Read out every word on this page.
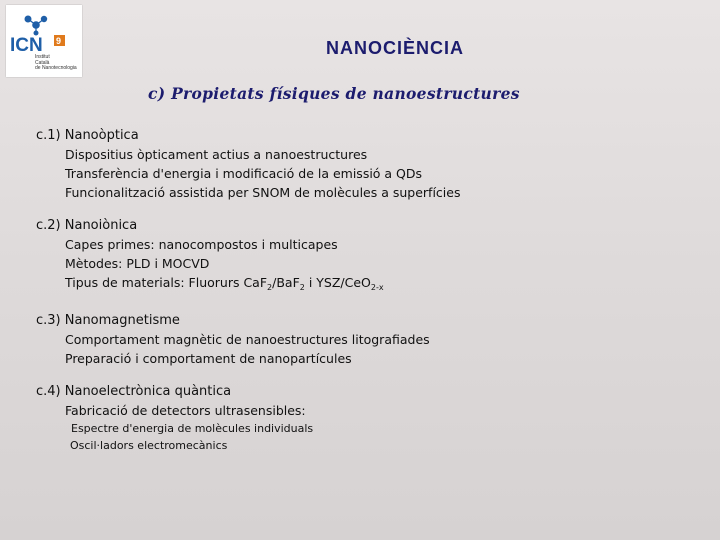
ICN 9
Institut
Català
de Nanotecnologia
NANOCIÈNCIA
c) Propietats físiques de nanoestructures
c.1) Nanoòptica
Dispositius òpticament actius a nanoestructures
Transferència d'energia i modificació de la emissió a QDs
Funcionalització assistida per SNOM de molècules a superfícies
c.2) Nanoiònica
Capes primes: nanocompostos i multicapes
Mètodes: PLD i MOCVD
Tipus de materials: Fluorurs CaF$_2$/BaF$_2$ i YSZ/CeO$_{2-x}$
c.3) Nanomagnetisme
Comportament magnètic de nanoestructures litografiades
Preparació i comportament de nanopartícules
c.4) Nanoelectrònica quàntica
Fabricació de detectors ultrasensibles:
Espectre d'energia de molècules individuals
Oscil·ladors electromecànics
